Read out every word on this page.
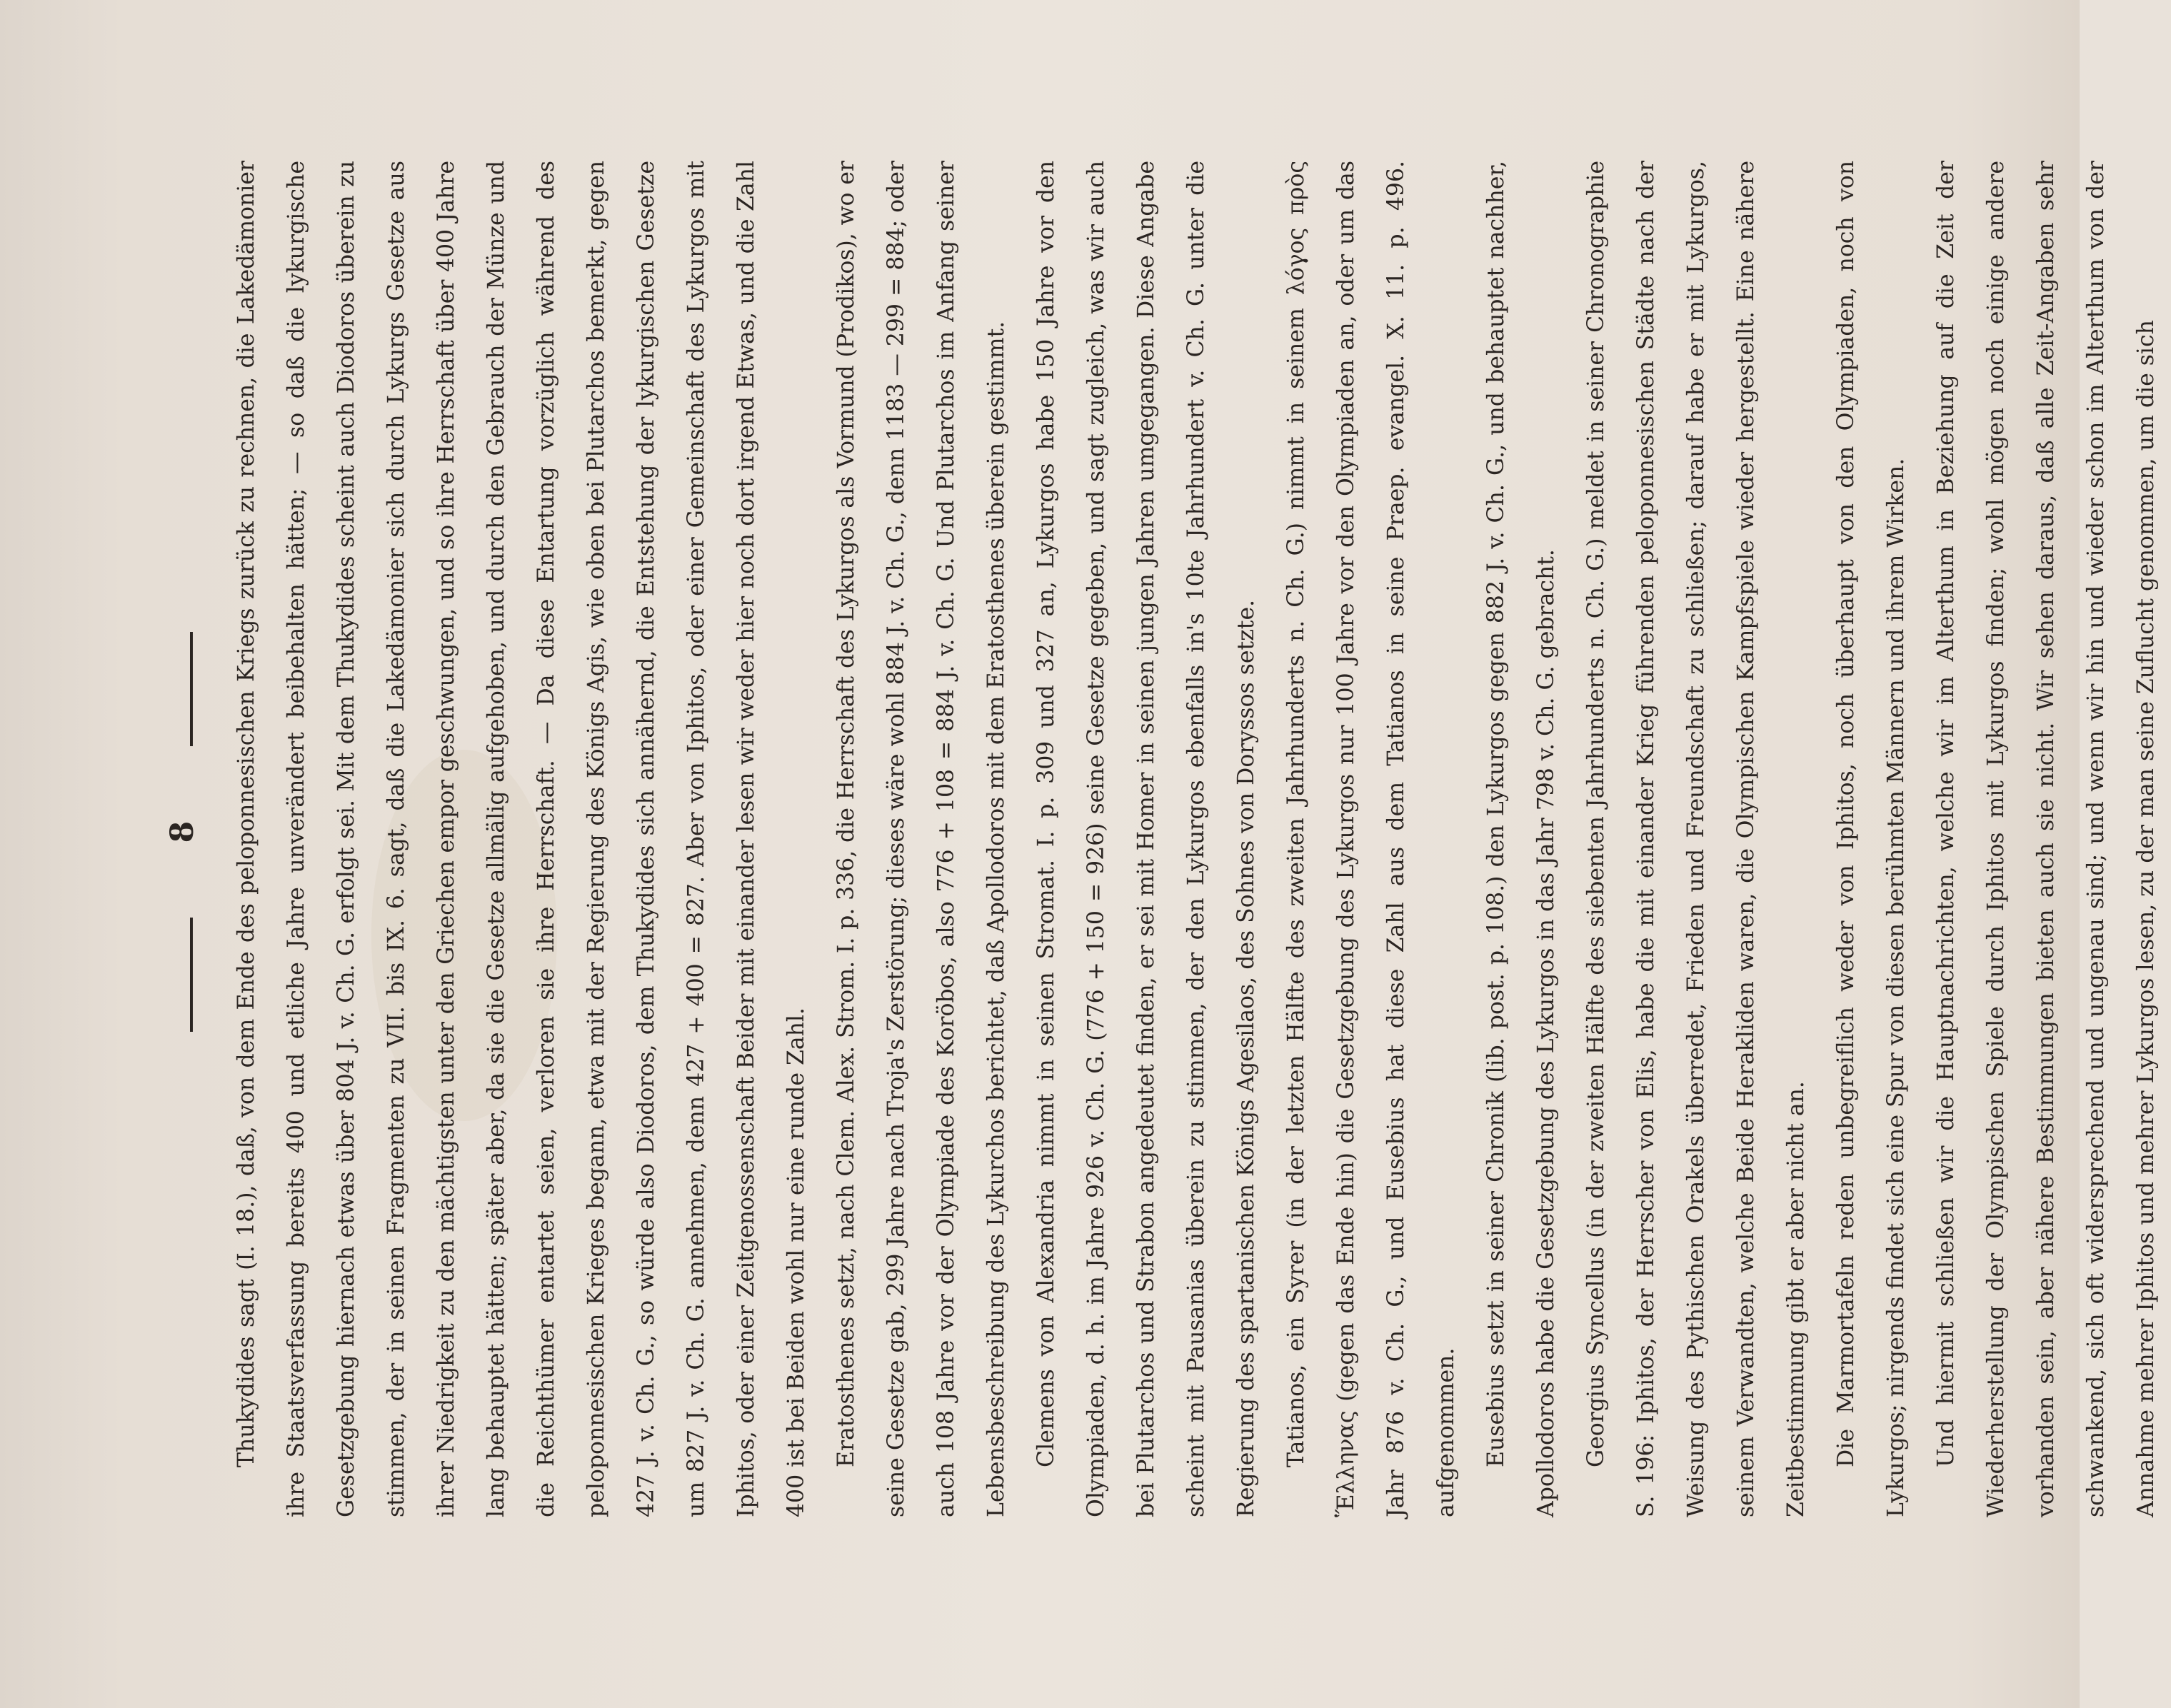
8	Thukydides sagt (I. 18.), daß, von dem Ende des peloponnesischen Kriegs zurück zu rechnen, die Lakedämonier ihre Staatsverfassung bereits 400 und etliche Jahre unverändert beibehalten hätten; — so daß die lykurgische Gesetzgebung hiernach etwas über 804 J. v. Ch. G. erfolgt sei. Mit dem Thukydides scheint auch Diodoros überein zu stimmen, der in seinen Fragmenten zu VII. bis IX. 6. sagt, daß die Lakedämonier sich durch Lykurgs Gesetze aus ihrer Niedrigkeit zu den mächtigsten unter den Griechen empor geschwungen, und so ihre Herrschaft über 400 Jahre lang behauptet hätten; später aber, da sie die Gesetze allmälig aufgehoben, und durch den Gebrauch der Münze und die Reichthümer entartet seien, verloren sie ihre Herrschaft. — Da diese Entartung vorzüglich während des peloponnesischen Krieges begann, etwa mit der Regierung des Königs Agis, wie oben bei Plutarchos bemerkt, gegen 427 J. v. Ch. G., so würde also Diodoros, dem Thukydides sich annähernd, die Entstehung der lykurgischen Gesetze um 827 J. v. Ch. G. annehmen, denn 427 + 400 = 827. Aber von Iphitos, oder einer Gemeinschaft des Lykurgos mit Iphitos, oder einer Zeitgenossenschaft Beider mit einander lesen wir weder hier noch dort irgend Etwas, und die Zahl 400 ist bei Beiden wohl nur eine runde Zahl.	Eratosthenes setzt, nach Clem. Alex. Strom. I. p. 336, die Herrschaft des Lykurgos als Vormund (Prodikos), wo er seine Gesetze gab, 299 Jahre nach Troja's Zerstörung; dieses wäre wohl 884 J. v. Ch. G., denn 1183 — 299 = 884; oder auch 108 Jahre vor der Olympiade des Koröbos, also 776 + 108 = 884 J. v. Ch. G. Und Plutarchos im Anfang seiner Lebensbeschreibung des Lykurchos berichtet, daß Apollodoros mit dem Eratosthenes überein gestimmt.	Clemens von Alexandria nimmt in seinen Stromat. I. p. 309 und 327 an, Lykurgos habe 150 Jahre vor den Olympiaden, d. h. im Jahre 926 v. Ch. G. (776 + 150 = 926) seine Gesetze gegeben, und sagt zugleich, was wir auch bei Plutarchos und Strabon angedeutet finden, er sei mit Homer in seinen jungen Jahren umgegangen. Diese Angabe scheint mit Pausanias überein zu stimmen, der den Lykurgos ebenfalls in's 10te Jahrhundert v. Ch. G. unter die Regierung des spartanischen Königs Agesilaos, des Sohnes von Doryssos setzte.	Tatianos, ein Syrer (in der letzten Hälfte des zweiten Jahrhunderts n. Ch. G.) nimmt in seinem λόγος πρὸς Ἕλληνας (gegen das Ende hin) die Gesetzgebung des Lykurgos nur 100 Jahre vor den Olympiaden an, oder um das Jahr 876 v. Ch. G., und Eusebius hat diese Zahl aus dem Tatianos in seine Praep. evangel. X. 11. p. 496. aufgenommen.	Eusebius setzt in seiner Chronik (lib. post. p. 108.) den Lykurgos gegen 882 J. v. Ch. G., und behauptet nachher, Apollodoros habe die Gesetzgebung des Lykurgos in das Jahr 798 v. Ch. G. gebracht.	Georgius Syncellus (in der zweiten Hälfte des siebenten Jahrhunderts n. Ch. G.) meldet in seiner Chronographie S. 196: Iphitos, der Herrscher von Elis, habe die mit einander Krieg führenden peloponnesischen Städte nach der Weisung des Pythischen Orakels überredet, Frieden und Freundschaft zu schließen; darauf habe er mit Lykurgos, seinem Verwandten, welche Beide Herakliden waren, die Olympischen Kampfspiele wieder hergestellt. Eine nähere Zeitbestimmung gibt er aber nicht an.	Die Marmortafeln reden unbegreiflich weder von Iphitos, noch überhaupt von den Olympiaden, noch von Lykurgos; nirgends findet sich eine Spur von diesen berühmten Männern und ihrem Wirken.	Und hiermit schließen wir die Hauptnachrichten, welche wir im Alterthum in Beziehung auf die Zeit der Wiederherstellung der Olympischen Spiele durch Iphitos mit Lykurgos finden; wohl mögen noch einige andere vorhanden sein, aber nähere Bestimmungen bieten auch sie nicht. Wir sehen daraus, daß alle Zeit-Angaben sehr schwankend, sich oft widersprechend und ungenau sind; und wenn wir hin und wieder schon im Alterthum von der Annahme mehrer Iphitos und mehrer Lykurgos lesen, zu der man seine Zuflucht genommen, um die sich
